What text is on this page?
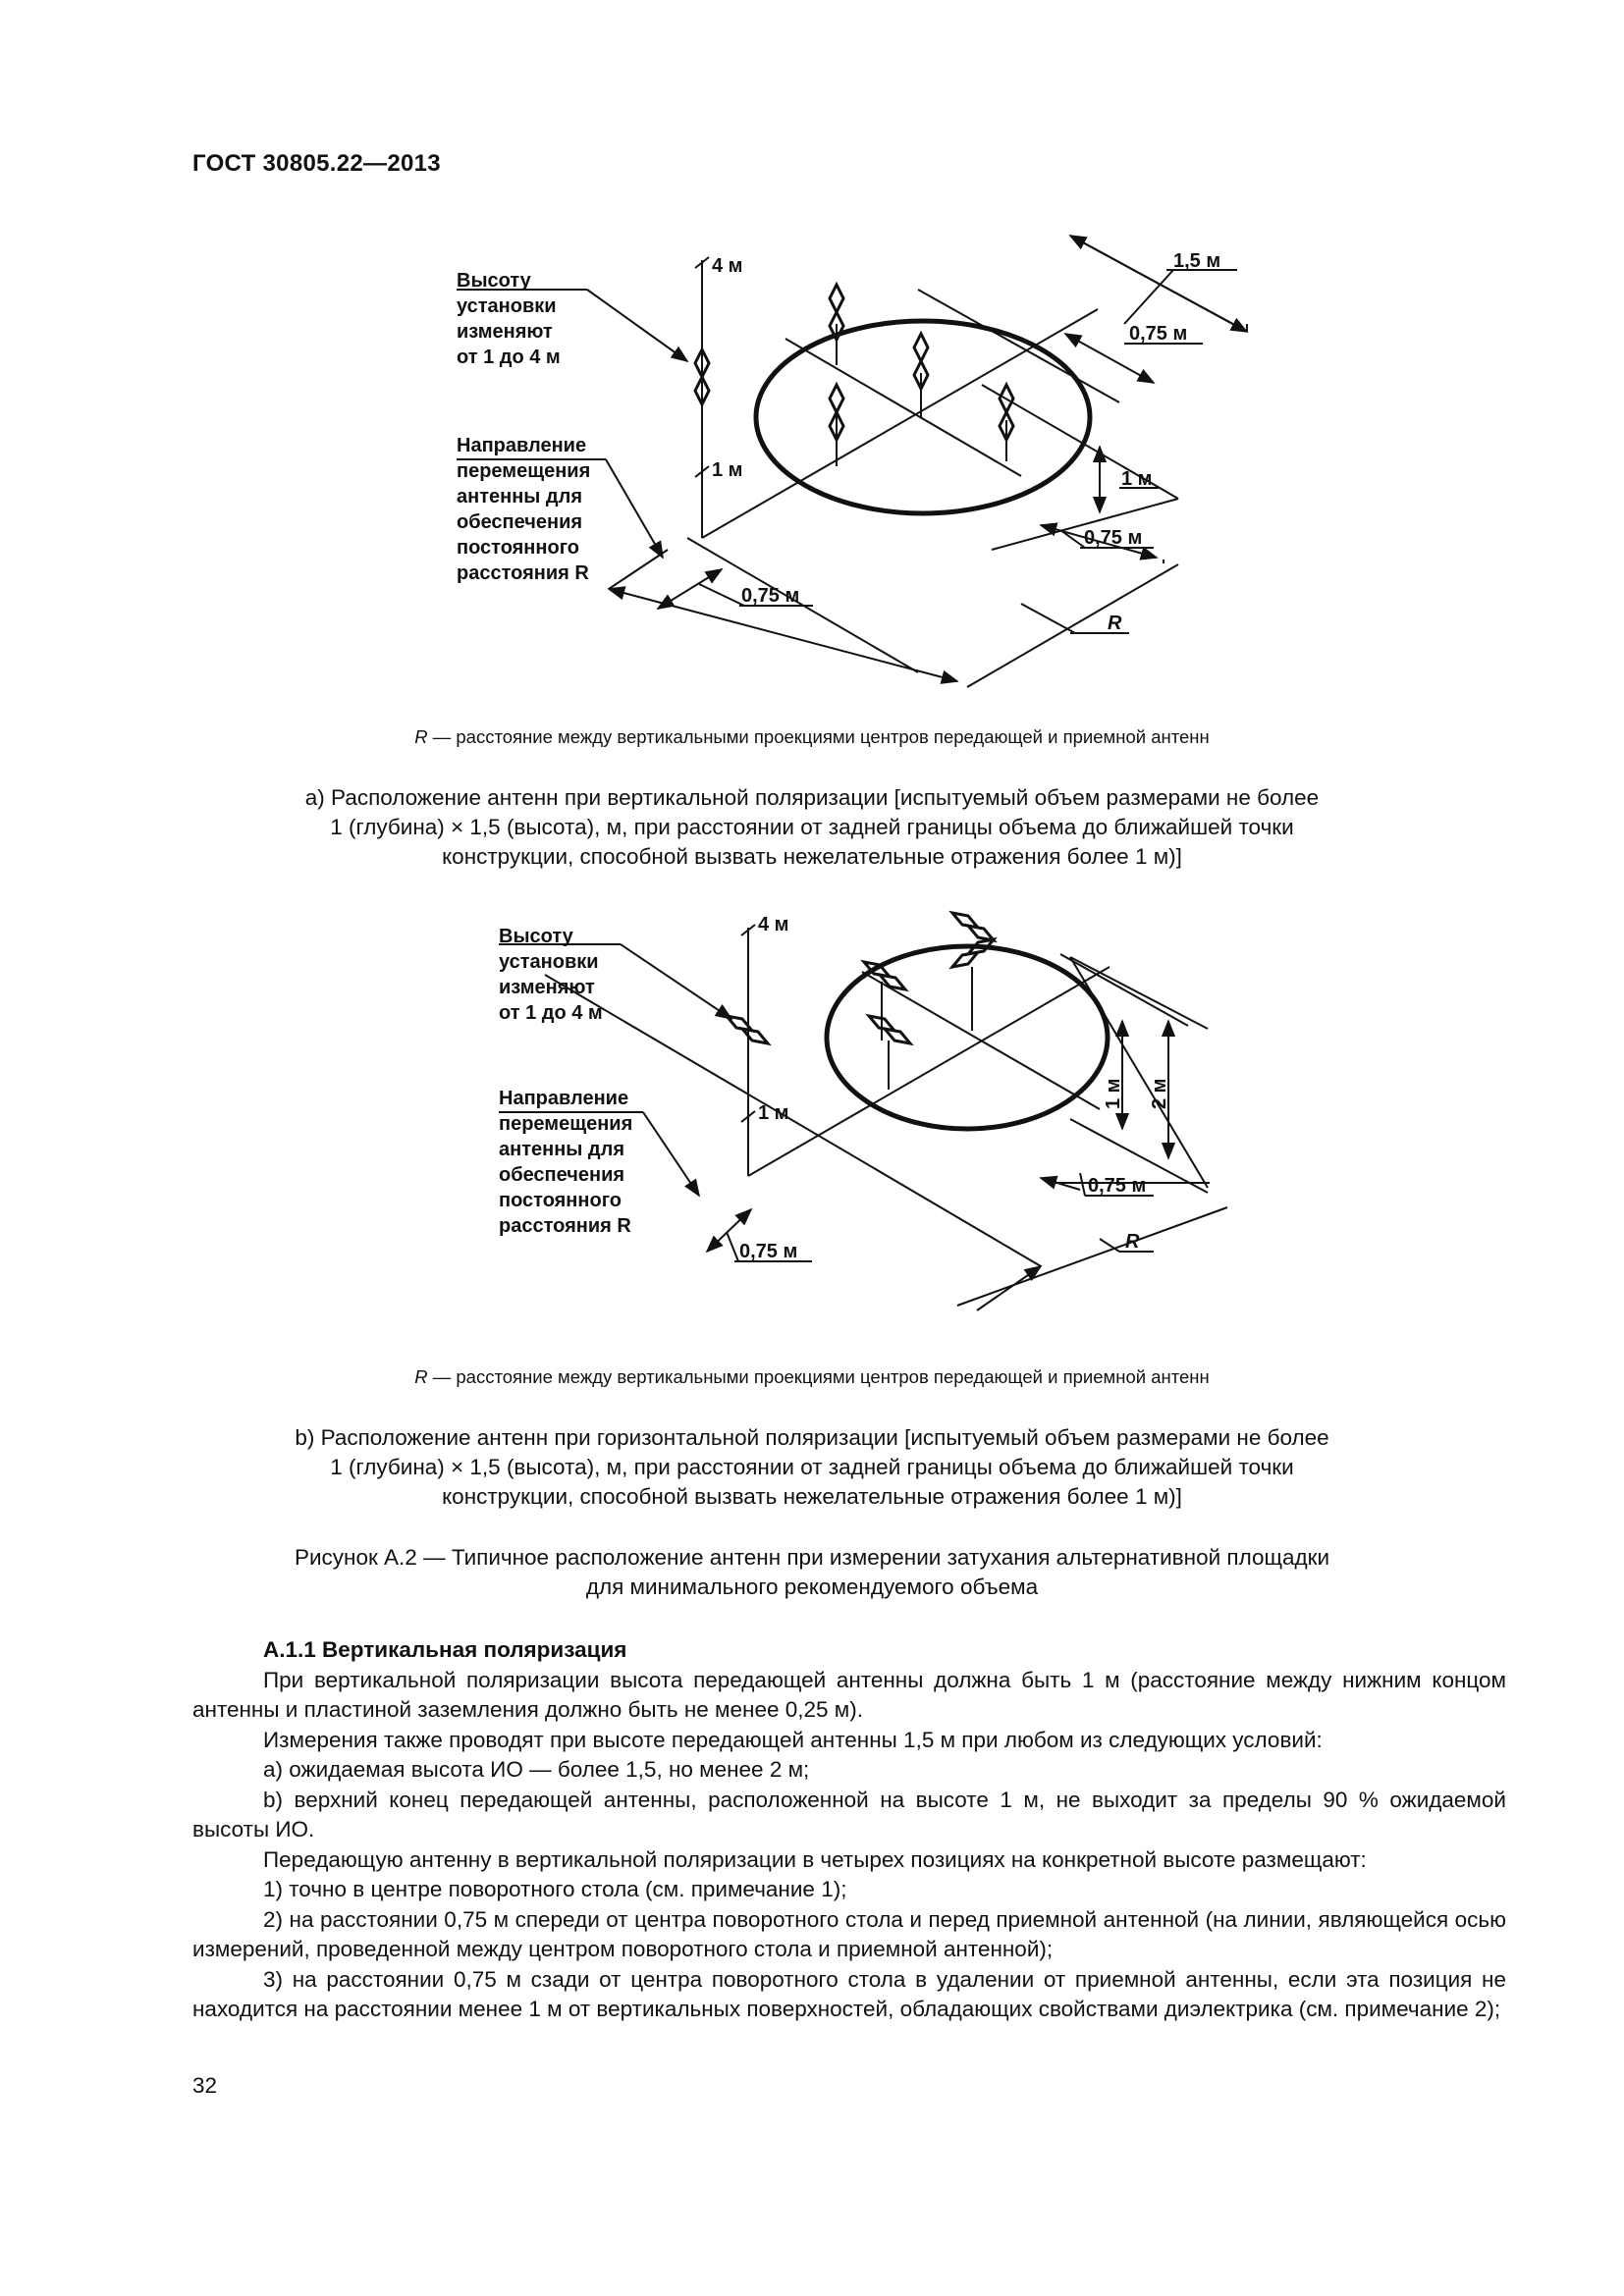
ГОСТ 30805.22—2013
Высоту
установки
изменяют
от 1 до 4 м
Направление
перемещения
антенны для
обеспечения
постоянного
расстояния R
4 м
1 м
1,5 м
0,75 м
1 м
0,75 м
0,75 м
R
R — расстояние между вертикальными проекциями центров передающей и приемной антенн
а) Расположение антенн при вертикальной поляризации [испытуемый объем размерами не более
1 (глубина) × 1,5 (высота), м, при расстоянии от задней границы объема до ближайшей точки
конструкции, способной вызвать нежелательные отражения более 1 м)]
Высоту
установки
изменяют
от 1 до 4 м
Направление
перемещения
антенны для
обеспечения
постоянного
расстояния R
4 м
1 м
1 м 2 м
0,75 м
0,75 м	R
R — расстояние между вертикальными проекциями центров передающей и приемной антенн
b) Расположение антенн при горизонтальной поляризации [испытуемый объем размерами не более
1 (глубина) × 1,5 (высота), м, при расстоянии от задней границы объема до ближайшей точки
конструкции, способной вызвать нежелательные отражения более 1 м)]
Рисунок А.2 — Типичное расположение антенн при измерении затухания альтернативной площадки
для минимального рекомендуемого объема

А.1.1 Вертикальная поляризация

При вертикальной поляризации высота передающей антенны должна быть 1 м (расстояние между нижним концом антенны и пластиной заземления должно быть не менее 0,25 м).

Измерения также проводят при высоте передающей антенны 1,5 м при любом из следующих условий:

а) ожидаемая высота ИО — более 1,5, но менее 2 м;

b) верхний конец передающей антенны, расположенной на высоте 1 м, не выходит за пределы 90 % ожидаемой высоты ИО.

Передающую антенну в вертикальной поляризации в четырех позициях на конкретной высоте размещают:

1) точно в центре поворотного стола (см. примечание 1);

2) на расстоянии 0,75 м спереди от центра поворотного стола и перед приемной антенной (на линии, являющейся осью измерений, проведенной между центром поворотного стола и приемной антенной);

3) на расстоянии 0,75 м сзади от центра поворотного стола в удалении от приемной антенны, если эта позиция не находится на расстоянии менее 1 м от вертикальных поверхностей, обладающих свойствами диэлектрика (см. примечание 2);

32
